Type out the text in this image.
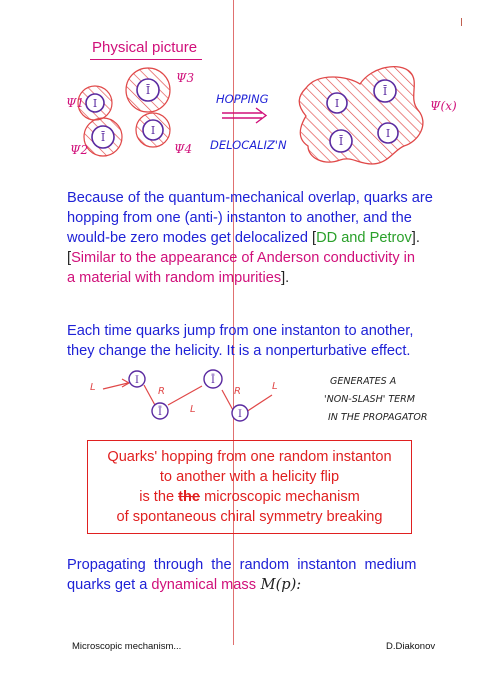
Physical picture
I
Ī
Ī
I
Ψ1
Ψ2
Ψ3
Ψ4
HOPPING
DELOCALIZ'N
I
Ī
Ī
I
Ψ(x)
Because of the quantum-mechanical overlap, quarks are
hopping from one (anti-) instanton to another, and the
would-be zero modes get delocalized [DD and Petrov].
[Similar to the appearance of Anderson conductivity in
a material with random impurities].
Each time quarks jump from one instanton to another,
they change the helicity. It is a nonperturbative effect.
I
Ī
Ī
I
L	R
L
R	L	GENERATES A
'NON-SLASH' TERM
IN THE PROPAGATOR
Quarks' hopping from one random instanton
to another with a helicity flip
is the the microscopic mechanism
of spontaneous chiral symmetry breaking
Propagating through the random instanton medium
quarks get a dynamical mass M(p):
Microscopic mechanism...	D.Diakonov
